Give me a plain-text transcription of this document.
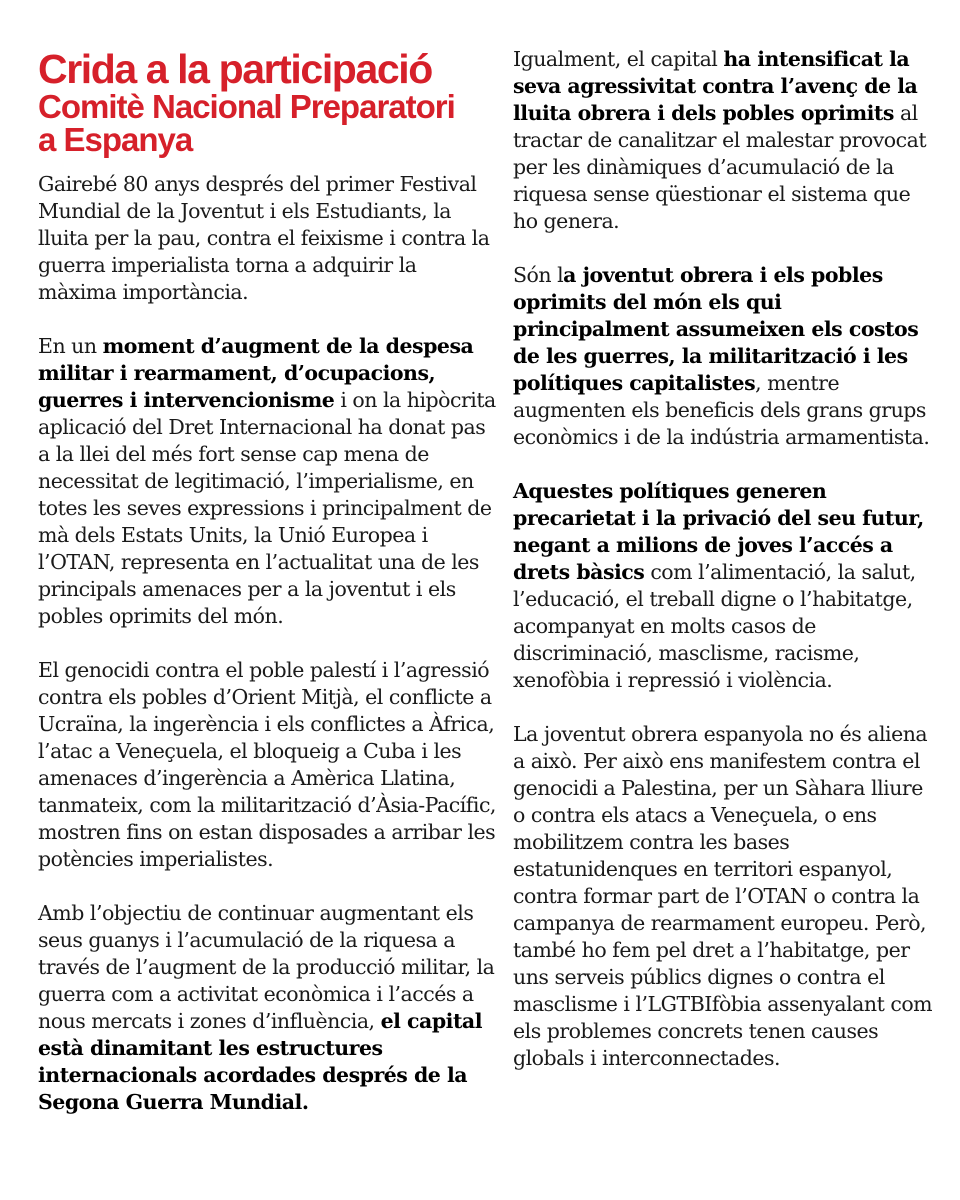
Crida a la participació
Comitè Nacional Preparatori
a Espanya

Gairebé 80 anys després del primer Festival Mundial de la Joventut i els Estudiants, la lluita per la pau, contra el feixisme i contra la guerra imperialista torna a adquirir la màxima importància.

En un moment d’augment de la despesa militar i rearmament, d’ocupacions, guerres i intervencionisme i on la hipòcrita aplicació del Dret Internacional ha donat pas a la llei del més fort sense cap mena de necessitat de legitimació, l’imperialisme, en totes les seves expressions i principalment de mà dels Estats Units, la Unió Europea i l’OTAN, representa en l’actualitat una de les principals amenaces per a la joventut i els pobles oprimits del món.

El genocidi contra el poble palestí i l’agressió contra els pobles d’Orient Mitjà, el conflicte a Ucraïna, la ingerència i els conflictes a Àfrica, l’atac a Veneçuela, el bloqueig a Cuba i les amenaces d’ingerència a Amèrica Llatina, tanmateix, com la militarització d’Àsia-Pacífic, mostren fins on estan disposades a arribar les potències imperialistes.

Amb l’objectiu de continuar augmentant els seus guanys i l’acumulació de la riquesa a través de l’augment de la producció militar, la guerra com a activitat econòmica i l’accés a nous mercats i zones d’influència, el capital està dinamitant les estructures internacionals acordades després de la Segona Guerra Mundial.

Igualment, el capital ha intensificat la seva agressivitat contra l’avenç de la lluita obrera i dels pobles oprimits al tractar de canalitzar el malestar provocat per les dinàmiques d’acumulació de la riquesa sense qüestionar el sistema que ho genera.

Són la joventut obrera i els pobles oprimits del món els qui principalment assumeixen els costos de les guerres, la militarització i les polítiques capitalistes, mentre augmenten els beneficis dels grans grups econòmics i de la indústria armamentista.

Aquestes polítiques generen precarietat i la privació del seu futur, negant a milions de joves l’accés a drets bàsics com l’alimentació, la salut, l’educació, el treball digne o l’habitatge, acompanyat en molts casos de discriminació, masclisme, racisme, xenofòbia i repressió i violència.

La joventut obrera espanyola no és aliena a això. Per això ens manifestem contra el genocidi a Palestina, per un Sàhara lliure o contra els atacs a Veneçuela, o ens mobilitzem contra les bases estatunidenques en territori espanyol, contra formar part de l’OTAN o contra la campanya de rearmament europeu. Però, també ho fem pel dret a l’habitatge, per uns serveis públics dignes o contra el masclisme i l’LGTBIfòbia assenyalant com els problemes concrets tenen causes globals i interconnectades.
